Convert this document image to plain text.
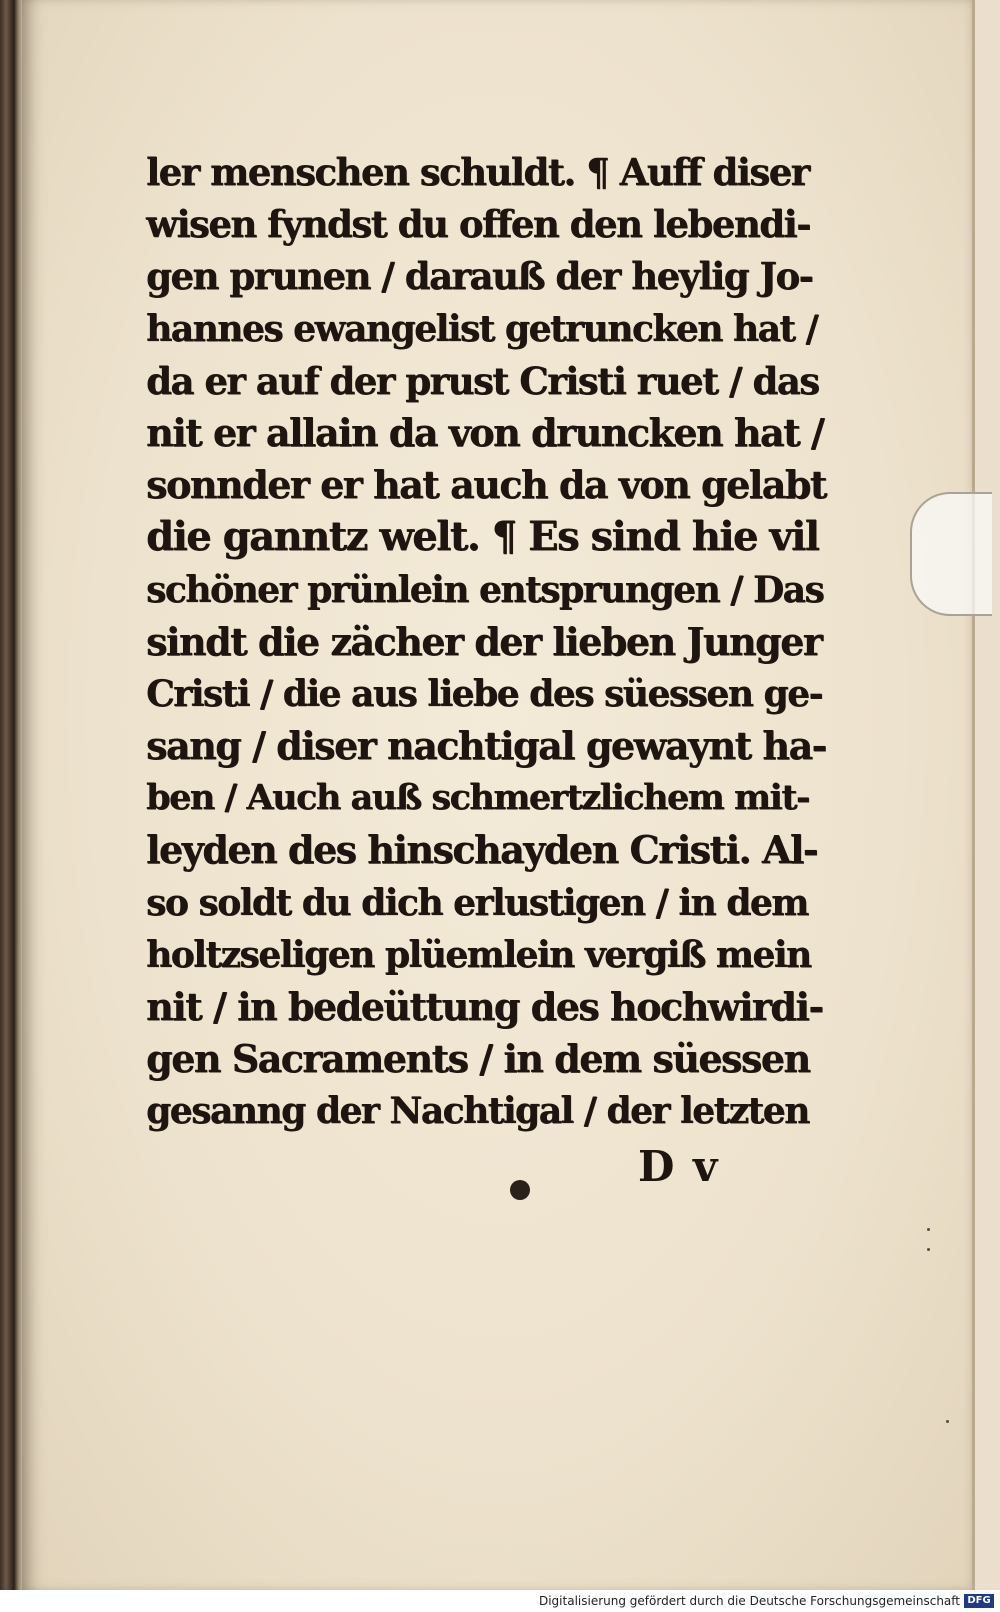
ler menschen schuldt. ¶ Auff diser
wisen fyndst du offen den lebendi-
gen prunen / darauß der heylig Jo-
hannes ewangelist getruncken hat /
da er auf der prust Cristi ruet / das
nit er allain da von druncken hat /
sonnder er hat auch da von gelabt
die ganntz welt. ¶ Es sind hie vil
schöner prünlein entsprungen / Das
sindt die zächer der lieben Junger
Cristi / die aus liebe des süessen ge-
sang / diser nachtigal gewaynt ha-
ben / Auch auß schmertzlichem mit-
leyden des hinschayden Cristi. Al-
so soldt du dich erlustigen / in dem
holtzseligen plüemlein vergiß mein
nit / in bedeüttung des hochwirdi-
gen Sacraments / in dem süessen
gesanng der Nachtigal / der letzten
D v
Digitalisierung gefördert durch die Deutsche Forschungsgemeinschaft DFG
